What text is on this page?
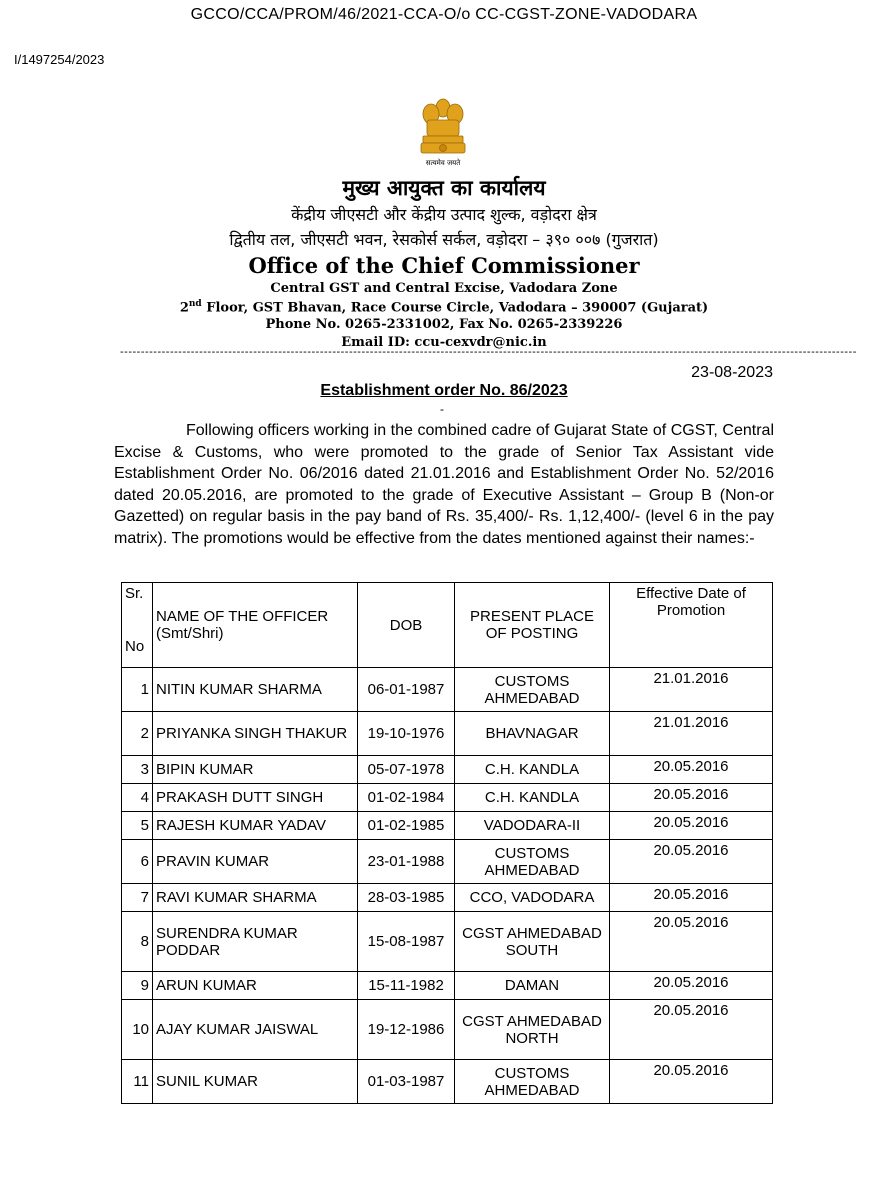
GCCO/CCA/PROM/46/2021-CCA-O/o CC-CGST-ZONE-VADODARA
I/1497254/2023
सत्यमेव जयते
मुख्य आयुक्त का कार्यालय
केंद्रीय जीएसटी और केंद्रीय उत्पाद शुल्क, वड़ोदरा क्षेत्र
द्वितीय तल, जीएसटी भवन, रेसकोर्स सर्कल, वड़ोदरा – ३९० ००७ (गुजरात)
Office of the Chief Commissioner
Central GST and Central Excise, Vadodara Zone
2nd Floor, GST Bhavan, Race Course Circle, Vadodara – 390007 (Gujarat)
Phone No. 0265-2331002, Fax No. 0265-2339226
Email ID: ccu-cexvdr@nic.in
---------------------------------------------------------------------------------------------------------------------------------------------------------------------------------
23-08-2023
Establishment order No. 86/2023
-
Following officers working in the combined cadre of Gujarat State of CGST, Central Excise & Customs, who were promoted to the grade of Senior Tax Assistant vide Establishment Order No. 06/2016 dated 21.01.2016 and Establishment Order No. 52/2016 dated 20.05.2016, are promoted to the grade of Executive Assistant – Group B (Non-or Gazetted) on regular basis in the pay band of Rs. 35,400/- Rs. 1,12,400/- (level 6 in the pay matrix). The promotions would be effective from the dates mentioned against their names:-
Sr.
No	NAME OF THE OFFICER (Smt/Shri)	DOB	PRESENT PLACE OF POSTING	Effective Date of Promotion
1	NITIN KUMAR SHARMA	06-01-1987	CUSTOMS AHMEDABAD	21.01.2016
2	PRIYANKA SINGH THAKUR	19-10-1976	BHAVNAGAR	21.01.2016
3	BIPIN KUMAR	05-07-1978	C.H. KANDLA	20.05.2016
4	PRAKASH DUTT SINGH	01-02-1984	C.H. KANDLA	20.05.2016
5	RAJESH KUMAR YADAV	01-02-1985	VADODARA-II	20.05.2016
6	PRAVIN KUMAR	23-01-1988	CUSTOMS AHMEDABAD	20.05.2016
7	RAVI KUMAR SHARMA	28-03-1985	CCO, VADODARA	20.05.2016
8	SURENDRA KUMAR PODDAR	15-08-1987	CGST AHMEDABAD SOUTH	20.05.2016
9	ARUN KUMAR	15-11-1982	DAMAN	20.05.2016
10	AJAY KUMAR JAISWAL	19-12-1986	CGST AHMEDABAD NORTH	20.05.2016
11	SUNIL KUMAR	01-03-1987	CUSTOMS AHMEDABAD	20.05.2016
